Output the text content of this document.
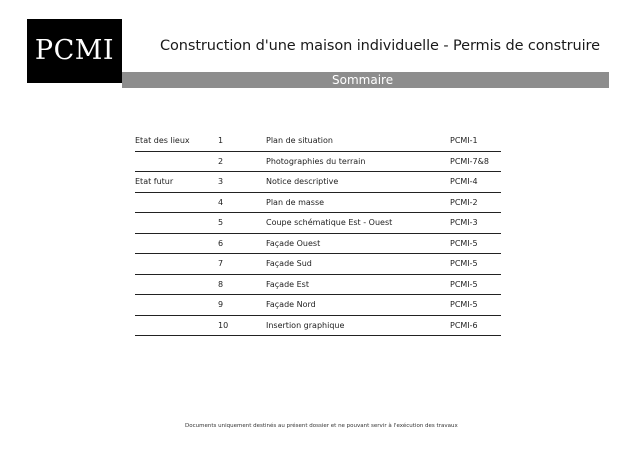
PCMI	Construction d'une maison individuelle - Permis de construire
Sommaire
Etat des lieux	1	Plan de situation	PCMI-1
	2	Photographies du terrain	PCMI-7&8
Etat futur	3	Notice descriptive	PCMI-4
	4	Plan de masse	PCMI-2
	5	Coupe schématique Est - Ouest	PCMI-3
	6	Façade Ouest	PCMI-5
	7	Façade Sud	PCMI-5
	8	Façade Est	PCMI-5
	9	Façade Nord	PCMI-5
	10	Insertion graphique	PCMI-6
Documents uniquement destinés au présent dossier et ne pouvant servir à l'exécution des travaux
